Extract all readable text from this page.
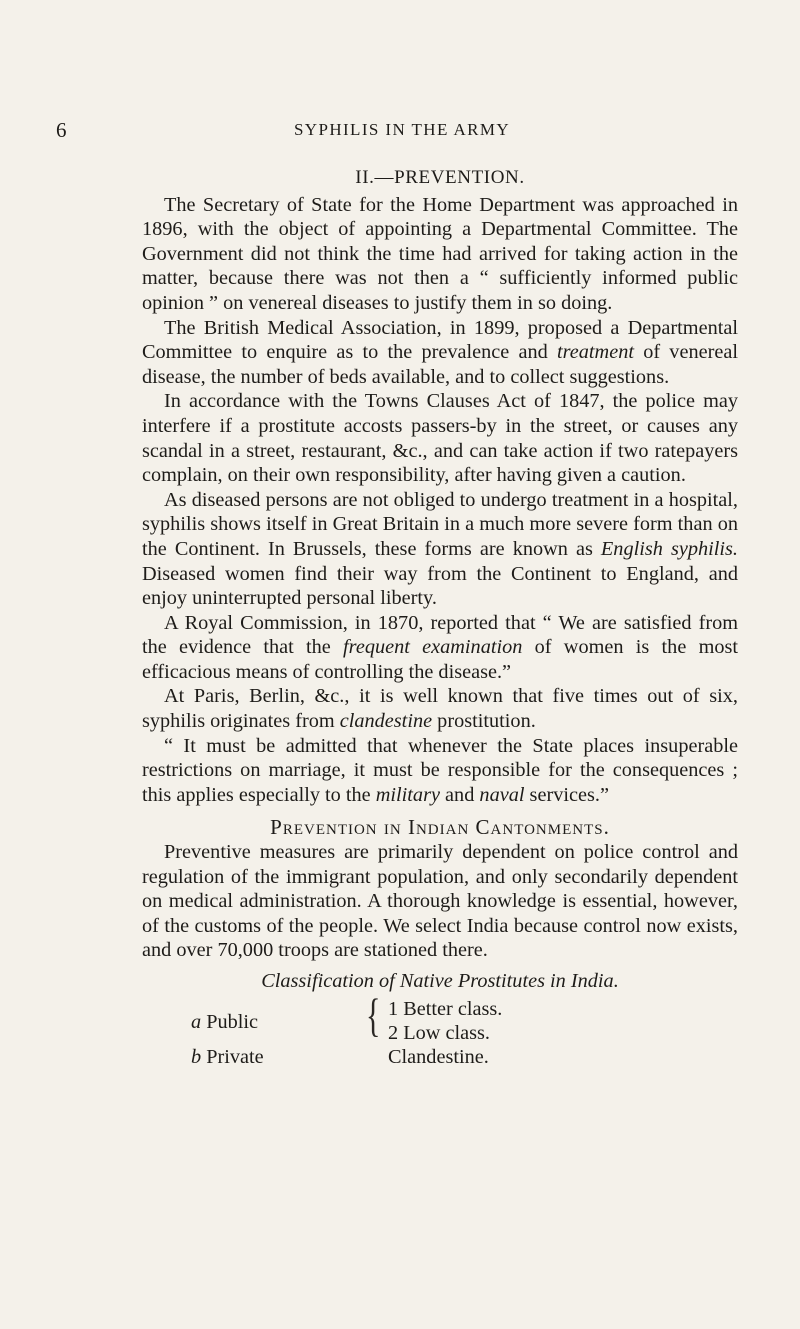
6	SYPHILIS IN THE ARMY
II.—PREVENTION.

The Secretary of State for the Home Department was approached in 1896, with the object of appointing a Departmental Committee. The Government did not think the time had arrived for taking action in the matter, because there was not then a “ sufficiently informed public opinion ” on venereal diseases to justify them in so doing.

The British Medical Association, in 1899, proposed a Departmental Committee to enquire as to the prevalence and treatment of venereal disease, the number of beds available, and to collect suggestions.

In accordance with the Towns Clauses Act of 1847, the police may interfere if a prostitute accosts passers-by in the street, or causes any scandal in a street, restaurant, &c., and can take action if two ratepayers complain, on their own responsibility, after having given a caution.

As diseased persons are not obliged to undergo treatment in a hospital, syphilis shows itself in Great Britain in a much more severe form than on the Continent. In Brussels, these forms are known as English syphilis. Diseased women find their way from the Continent to England, and enjoy uninterrupted personal liberty.

A Royal Commission, in 1870, reported that “ We are satisfied from the evidence that the frequent examination of women is the most efficacious means of controlling the disease.”

At Paris, Berlin, &c., it is well known that five times out of six, syphilis originates from clandestine prostitution.

“ It must be admitted that whenever the State places insuperable restrictions on marriage, it must be responsible for the consequences ; this applies especially to the military and naval services.”

Prevention in Indian Cantonments.

Preventive measures are primarily dependent on police control and regulation of the immigrant population, and only secondarily dependent on medical administration. A thorough knowledge is essential, however, of the customs of the people. We select India because control now exists, and over 70,000 troops are stationed there.

Classification of Native Prostitutes in India.
a Public	{ 1 Better class.
2 Low class.
b Private	Clandestine.
